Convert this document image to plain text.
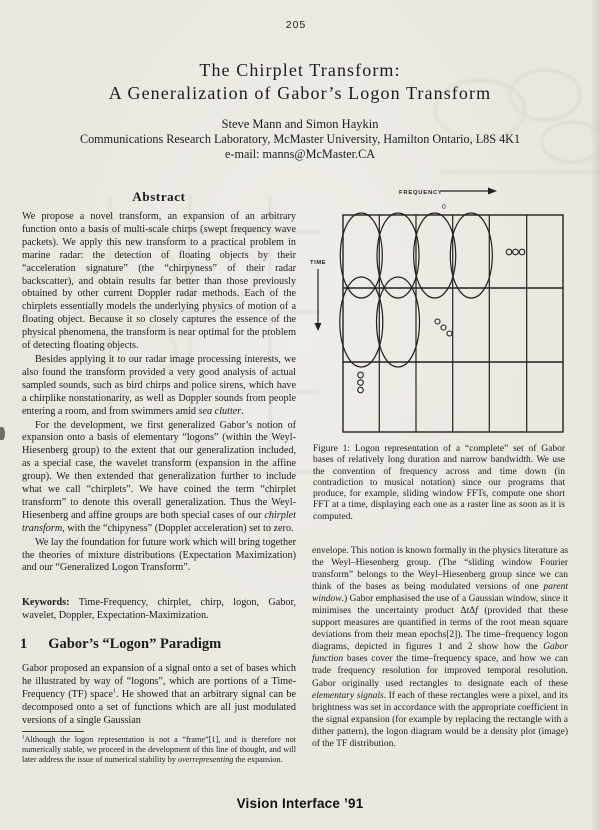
205
The Chirplet Transform:
A Generalization of Gabor’s Logon Transform
Steve Mann and Simon Haykin
Communications Research Laboratory, McMaster University, Hamilton Ontario, L8S 4K1
e-mail: manns@McMaster.CA
Abstract

We propose a novel transform, an expansion of an arbitrary function onto a basis of multi-scale chirps (swept frequency wave packets). We apply this new transform to a practical problem in marine radar: the detection of floating objects by their “acceleration signature” (the “chirpyness” of their radar backscatter), and obtain results far better than those previously obtained by other current Doppler radar methods. Each of the chirplets essentially models the underlying physics of motion of a floating object. Because it so closely captures the essence of the physical phenomena, the transform is near optimal for the problem of detecting floating objects.

Besides applying it to our radar image processing interests, we also found the transform provided a very good analysis of actual sampled sounds, such as bird chirps and police sirens, which have a chirplike nonstationarity, as well as Doppler sounds from people entering a room, and from swimmers amid sea clutter.

For the development, we first generalized Gabor’s notion of expansion onto a basis of elementary “logons” (within the Weyl-Hiesenberg group) to the extent that our generalization included, as a special case, the wavelet transform (expansion in the affine group). We then extended that generalization further to include what we call “chirplets”. We have coined the term “chirplet transform” to denote this overall generalization. Thus the Weyl-Hiesenberg and affine groups are both special cases of our chirplet transform, with the “chipyness” (Doppler acceleration) set to zero.

We lay the foundation for future work which will bring together the theories of mixture distributions (Expectation Maximization) and our “Generalized Logon Transform”.

Keywords: Time-Frequency, chirplet, chirp, logon, Gabor, wavelet, Doppler, Expectation-Maximization.
1 Gabor’s “Logon” Paradigm
Gabor proposed an expansion of a signal onto a set of bases which he illustrated by way of “logons”, which are portions of a Time-Frequency (TF) space$^1$. He showed that an arbitrary signal can be decomposed onto a set of functions which are all just modulated versions of a single Gaussian
$^1$Although the logon representation is not a “frame”[1], and is therefore not numerically stable, we proceed in the development of this line of thought, and will later address the issue of numerical stability by overrepresenting the expansion.
FREQUENCY
TIME
0
Figure 1: Logon representation of a “complete” set of Gabor bases of relatively long duration and narrow bandwidth. We use the convention of frequency across and time down (in contradiction to musical notation) since our programs that produce, for example, sliding window FFTs, compute one short FFT at a time, displaying each one as a raster line as soon as it is computed.
envelope. This notion is known formally in the physics literature as the Weyl–Hiesenberg group. (The “sliding window Fourier transform” belongs to the Weyl–Hiesenberg group since we can think of the bases as being modulated versions of one parent window.) Gabor emphasised the use of a Gaussian window, since it minimises the uncertainty product ΔtΔf (provided that these support measures are quantified in terms of the root mean square deviations from their mean epochs[2]). The time–frequency logon diagrams, depicted in figures 1 and 2 show how the Gabor function bases cover the time–frequency space, and how we can trade frequency resolution for improved temporal resolution. Gabor originally used rectangles to designate each of these elementary signals. If each of these rectangles were a pixel, and its brightness was set in accordance with the appropriate coefficient in the signal expansion (for example by replacing the rectangle with a dither pattern), the logon diagram would be a density plot (image) of the TF distribution.
Vision Interface ’91
